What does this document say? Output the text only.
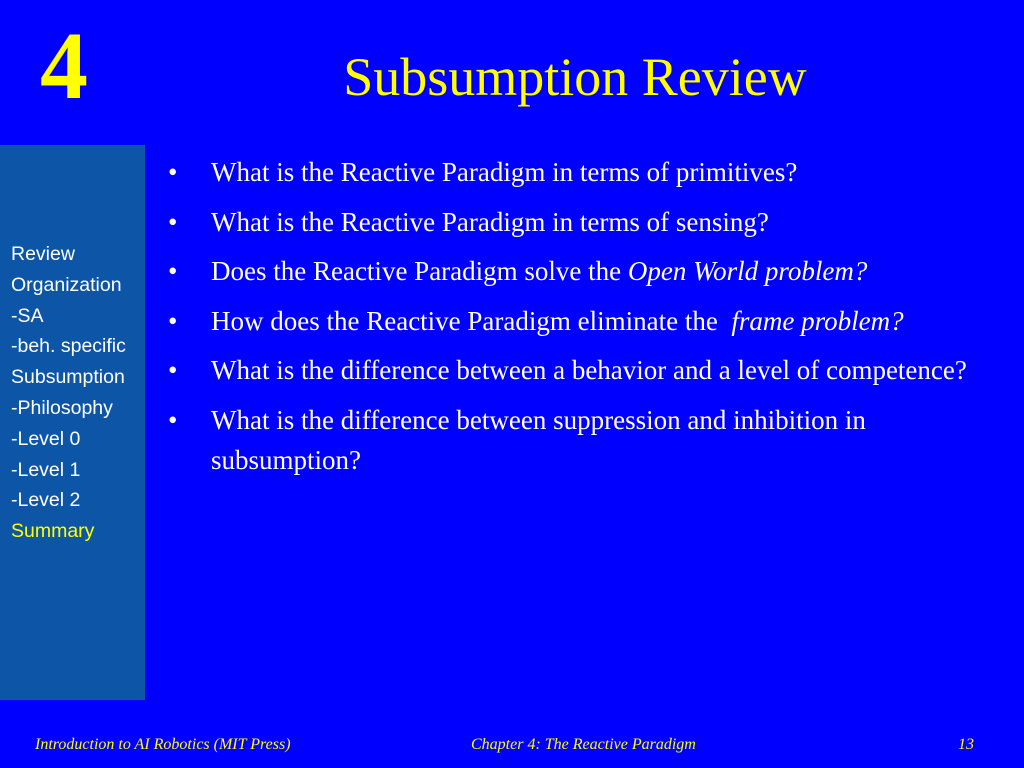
4	Subsumption Review
Review
Organization
-SA
-beh. specific
Subsumption
-Philosophy
-Level 0
-Level 1
-Level 2
Summary
•	What is the Reactive Paradigm in terms of primitives?
•	What is the Reactive Paradigm in terms of sensing?
•	Does the Reactive Paradigm solve the Open World problem?
•	How does the Reactive Paradigm eliminate the  frame problem?
•	What is the difference between a behavior and a level of competence?
•	What is the difference between suppression and inhibition in subsumption?
Introduction to AI Robotics (MIT Press)	Chapter 4: The Reactive Paradigm	13
